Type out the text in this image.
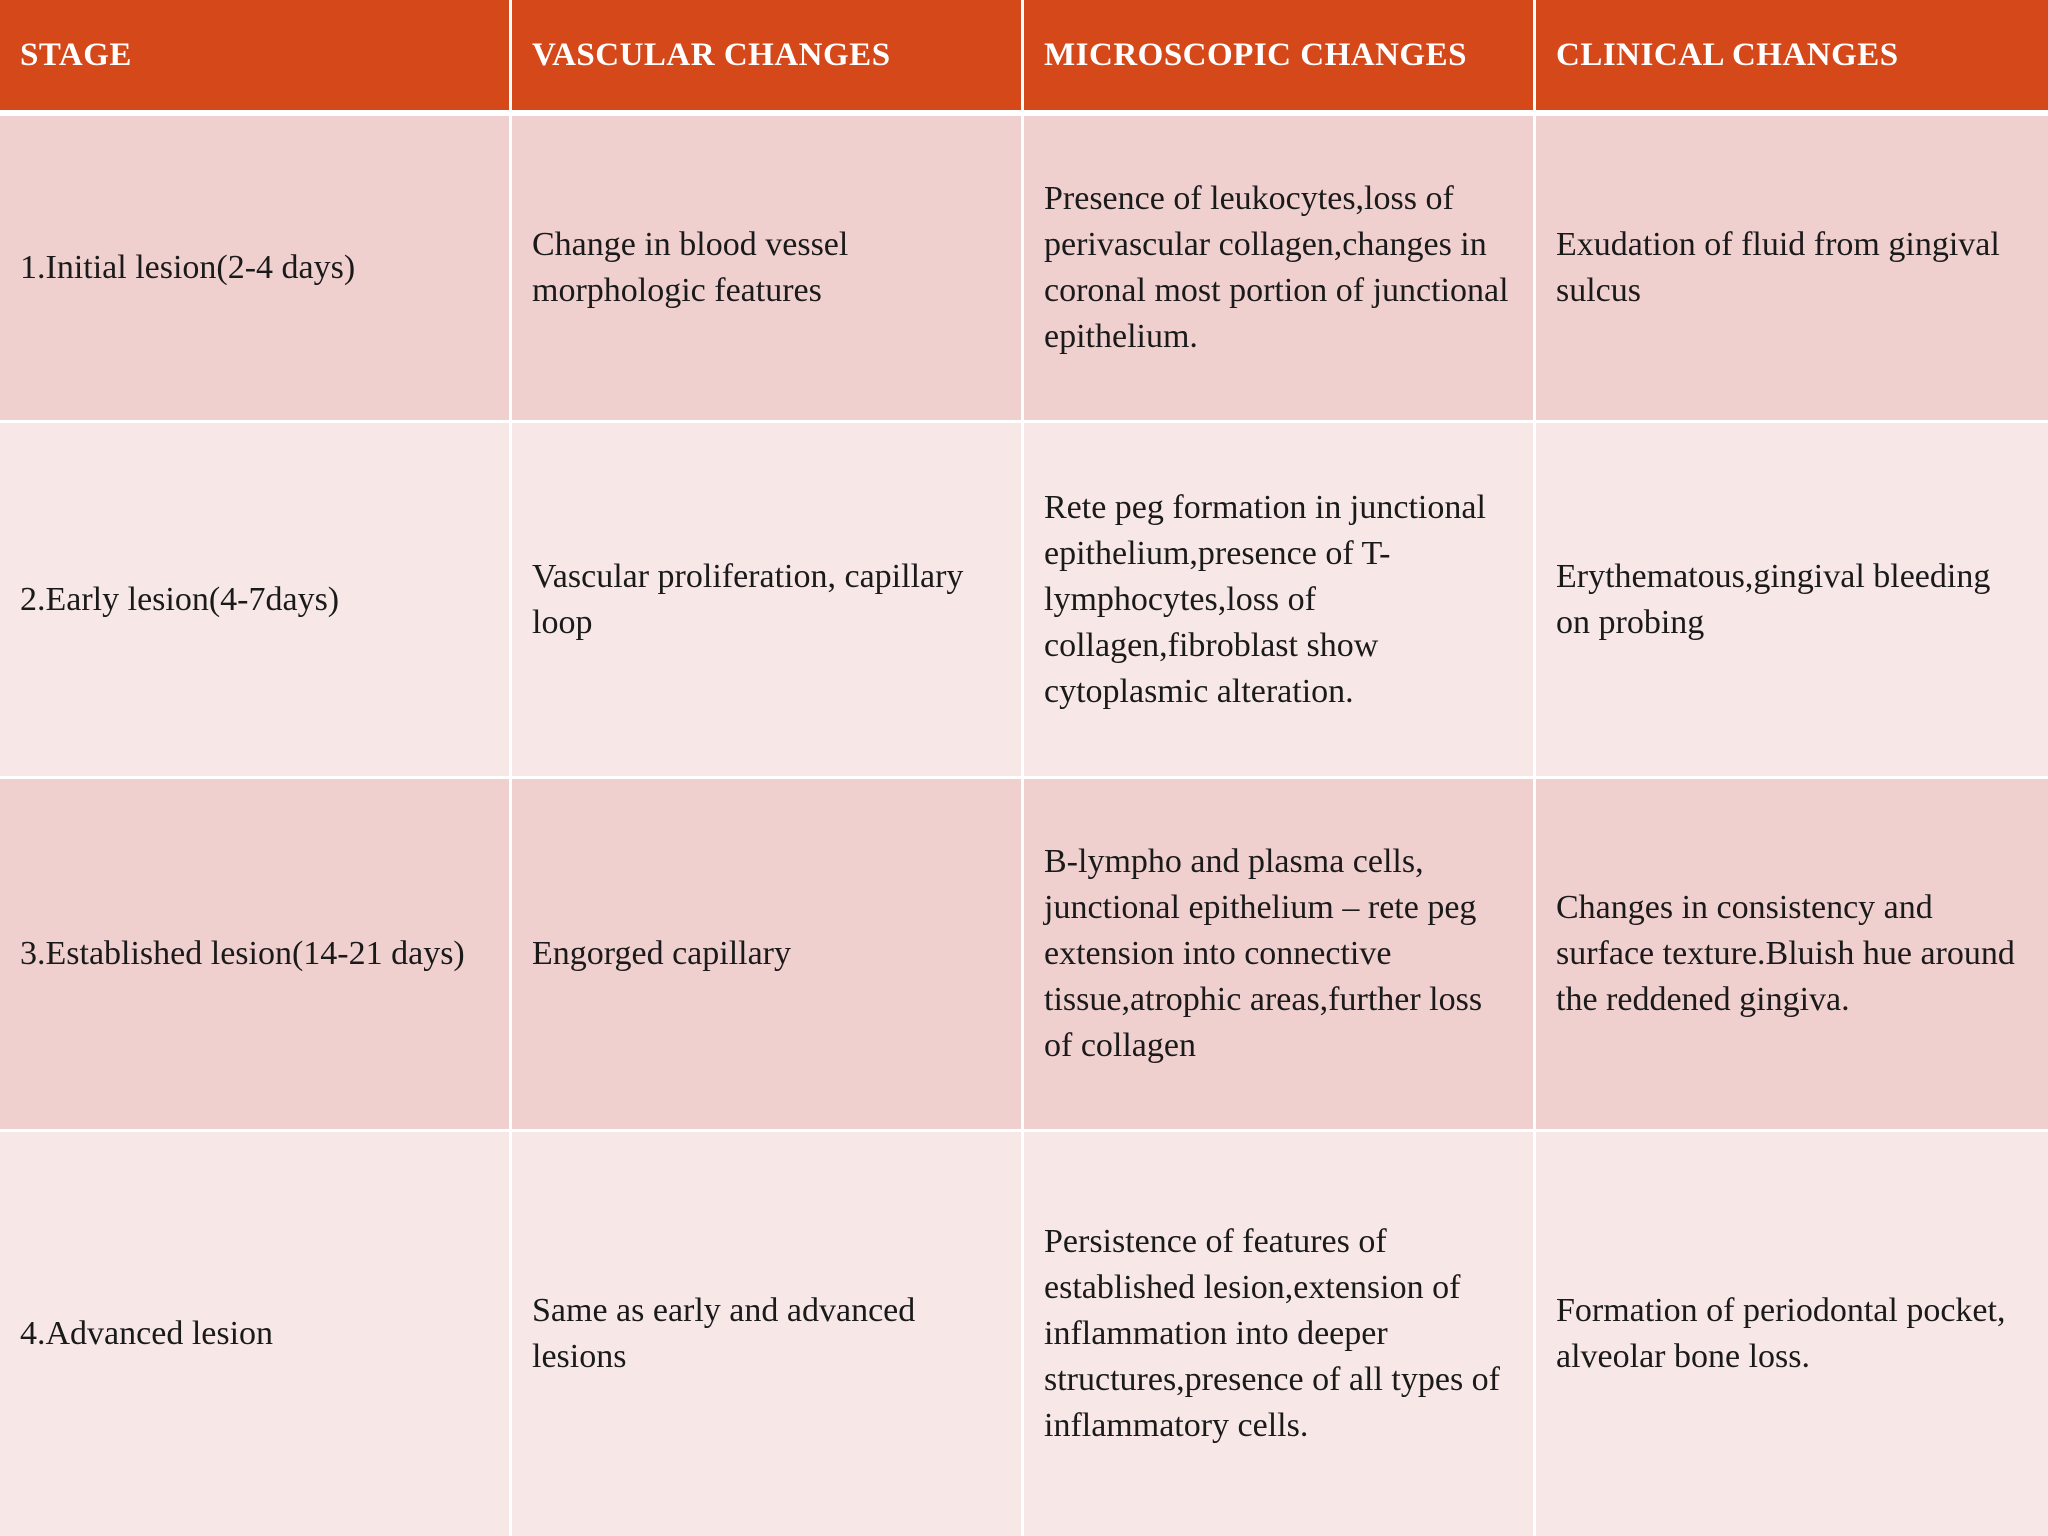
STAGE	VASCULAR CHANGES	MICROSCOPIC CHANGES	CLINICAL CHANGES
1.Initial lesion(2-4 days)	Change in blood vessel morphologic features	Presence of leukocytes,loss of perivascular collagen,changes in coronal most portion of junctional epithelium.	Exudation of fluid from gingival sulcus
2.Early lesion(4-7days)	Vascular proliferation, capillary loop	Rete peg formation in junctional epithelium,presence of T-lymphocytes,loss of collagen,fibroblast show cytoplasmic alteration.	Erythematous,gingival bleeding on probing
3.Established lesion(14-21 days)	Engorged capillary	B-lympho and plasma cells, junctional epithelium – rete peg extension into connective tissue,atrophic areas,further loss of collagen	Changes in consistency and surface texture.Bluish hue around the reddened gingiva.
4.Advanced lesion	Same as early and advanced lesions	Persistence of features of established lesion,extension of inflammation into deeper structures,presence of all types of inflammatory cells.	Formation of periodontal pocket, alveolar bone loss.
